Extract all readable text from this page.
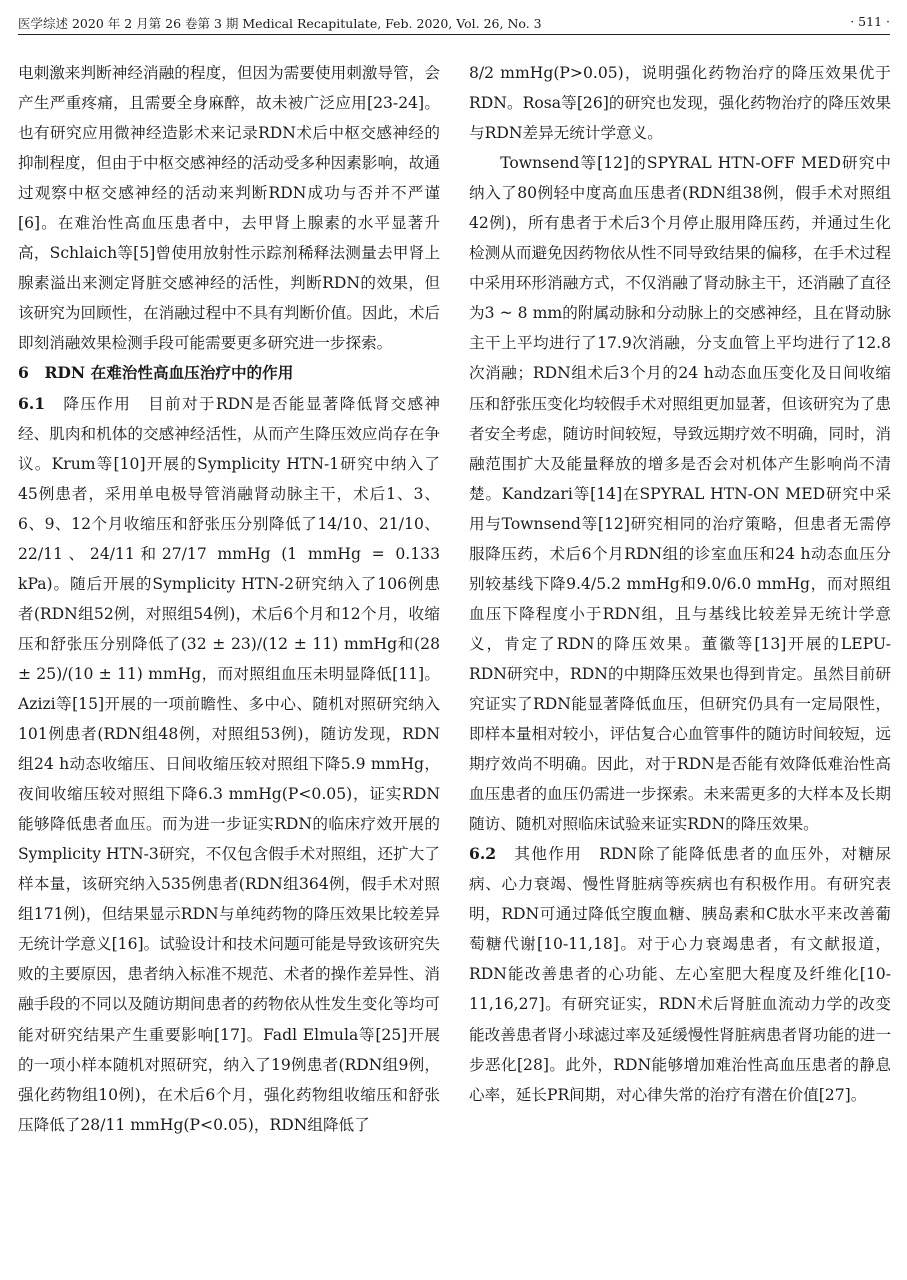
医学综述 2020 年 2 月第 26 卷第 3 期 Medical Recapitulate, Feb. 2020, Vol. 26, No. 3	· 511 ·

电刺激来判断神经消融的程度，但因为需要使用刺激导管，会产生严重疼痛，且需要全身麻醉，故未被广泛应用[23-24]。也有研究应用微神经造影术来记录RDN术后中枢交感神经的抑制程度，但由于中枢交感神经的活动受多种因素影响，故通过观察中枢交感神经的活动来判断RDN成功与否并不严谨[6]。在难治性高血压患者中，去甲肾上腺素的水平显著升高，Schlaich等[5]曾使用放射性示踪剂稀释法测量去甲肾上腺素溢出来测定肾脏交感神经的活性，判断RDN的效果，但该研究为回顾性，在消融过程中不具有判断价值。因此，术后即刻消融效果检测手段可能需要更多研究进一步探索。

6　RDN 在难治性高血压治疗中的作用

6.1　 降压作用　 目前对于RDN是否能显著降低肾交感神经、肌肉和机体的交感神经活性，从而产生降压效应尚存在争议。Krum等[10]开展的Symplicity HTN-1研究中纳入了45例患者，采用单电极导管消融肾动脉主干，术后1、3、6、9、12个月收缩压和舒张压分别降低了14/10、21/10、22/11、24/11和27/17 mmHg (1 mmHg = 0.133 kPa)。随后开展的Symplicity HTN-2研究纳入了106例患者(RDN组52例，对照组54例)，术后6个月和12个月，收缩压和舒张压分别降低了(32 ± 23)/(12 ± 11) mmHg和(28 ± 25)/(10 ± 11) mmHg，而对照组血压未明显降低[11]。Azizi等[15]开展的一项前瞻性、多中心、随机对照研究纳入101例患者(RDN组48例，对照组53例)，随访发现，RDN组24 h动态收缩压、日间收缩压较对照组下降5.9 mmHg，夜间收缩压较对照组下降6.3 mmHg(P<0.05)，证实RDN能够降低患者血压。而为进一步证实RDN的临床疗效开展的Symplicity HTN-3研究，不仅包含假手术对照组，还扩大了样本量，该研究纳入535例患者(RDN组364例，假手术对照组171例)，但结果显示RDN与单纯药物的降压效果比较差异无统计学意义[16]。试验设计和技术问题可能是导致该研究失败的主要原因，患者纳入标准不规范、术者的操作差异性、消融手段的不同以及随访期间患者的药物依从性发生变化等均可能对研究结果产生重要影响[17]。Fadl Elmula等[25]开展的一项小样本随机对照研究，纳入了19例患者(RDN组9例，强化药物组10例)，在术后6个月，强化药物组收缩压和舒张压降低了28/11 mmHg(P<0.05)，RDN组降低了

8/2 mmHg(P>0.05)，说明强化药物治疗的降压效果优于RDN。Rosa等[26]的研究也发现，强化药物治疗的降压效果与RDN差异无统计学意义。

Townsend等[12]的SPYRAL HTN-OFF MED研究中纳入了80例轻中度高血压患者(RDN组38例，假手术对照组42例)，所有患者于术后3个月停止服用降压药，并通过生化检测从而避免因药物依从性不同导致结果的偏移，在手术过程中采用环形消融方式，不仅消融了肾动脉主干，还消融了直径为3 ~ 8 mm的附属动脉和分动脉上的交感神经，且在肾动脉主干上平均进行了17.9次消融，分支血管上平均进行了12.8次消融；RDN组术后3个月的24 h动态血压变化及日间收缩压和舒张压变化均较假手术对照组更加显著，但该研究为了患者安全考虑，随访时间较短，导致远期疗效不明确，同时，消融范围扩大及能量释放的增多是否会对机体产生影响尚不清楚。Kandzari等[14]在SPYRAL HTN-ON MED研究中采用与Townsend等[12]研究相同的治疗策略，但患者无需停服降压药，术后6个月RDN组的诊室血压和24 h动态血压分别较基线下降9.4/5.2 mmHg和9.0/6.0 mmHg，而对照组血压下降程度小于RDN组，且与基线比较差异无统计学意义，肯定了RDN的降压效果。董徽等[13]开展的LEPU-RDN研究中，RDN的中期降压效果也得到肯定。虽然目前研究证实了RDN能显著降低血压，但研究仍具有一定局限性，即样本量相对较小，评估复合心血管事件的随访时间较短，远期疗效尚不明确。因此，对于RDN是否能有效降低难治性高血压患者的血压仍需进一步探索。未来需更多的大样本及长期随访、随机对照临床试验来证实RDN的降压效果。

6.2　 其他作用　 RDN除了能降低患者的血压外，对糖尿病、心力衰竭、慢性肾脏病等疾病也有积极作用。有研究表明，RDN可通过降低空腹血糖、胰岛素和C肽水平来改善葡萄糖代谢[10-11,18]。对于心力衰竭患者，有文献报道，RDN能改善患者的心功能、左心室肥大程度及纤维化[10-11,16,27]。有研究证实，RDN术后肾脏血流动力学的改变能改善患者肾小球滤过率及延缓慢性肾脏病患者肾功能的进一步恶化[28]。此外，RDN能够增加难治性高血压患者的静息心率，延长PR间期，对心律失常的治疗有潜在价值[27]。
